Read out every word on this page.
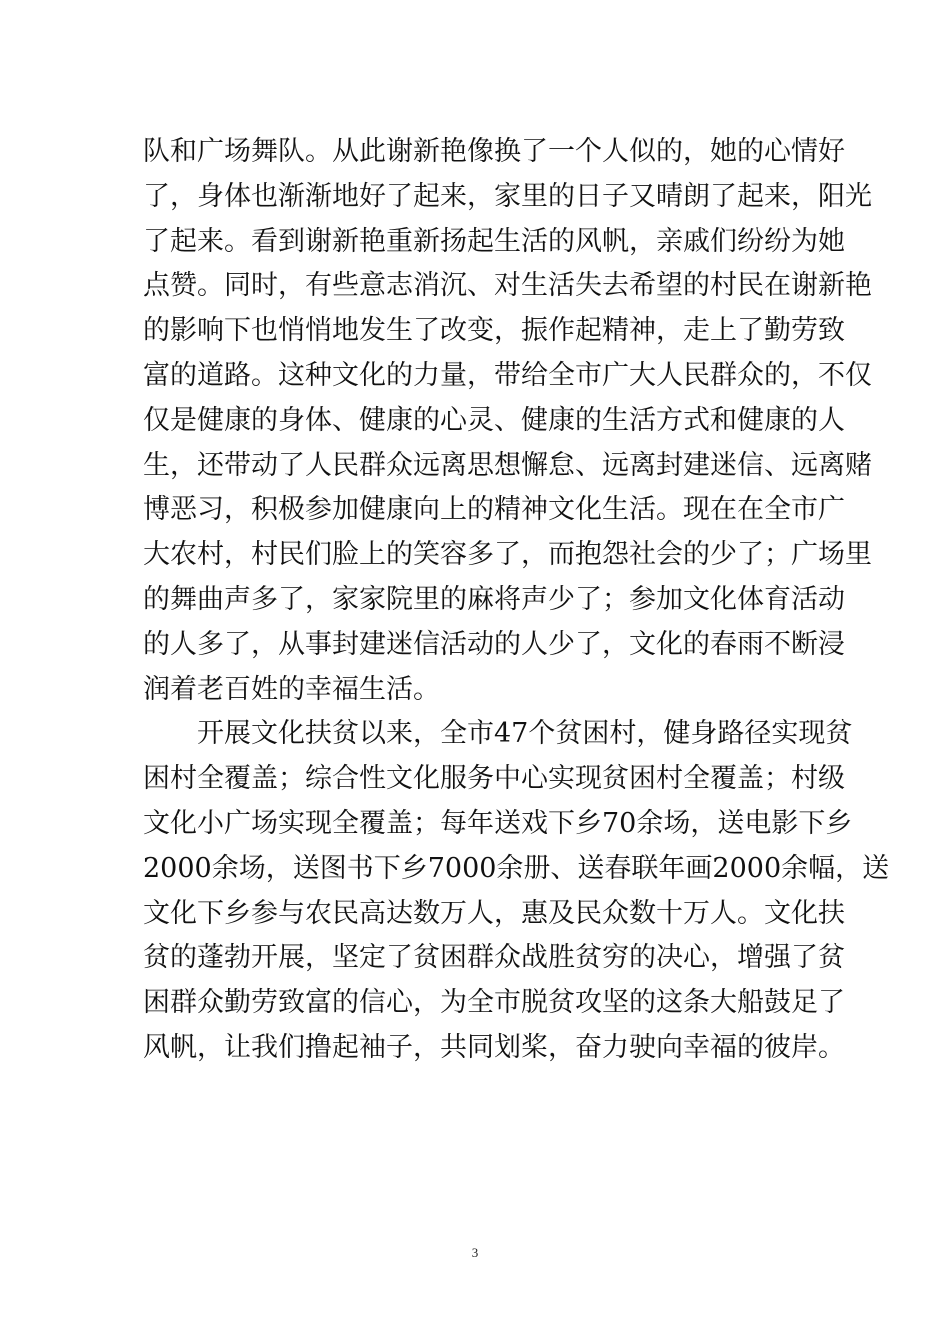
队和广场舞队。从此谢新艳像换了一个人似的，她的心情好
了，身体也渐渐地好了起来，家里的日子又晴朗了起来，阳光
了起来。看到谢新艳重新扬起生活的风帆，亲戚们纷纷为她
点赞。同时，有些意志消沉、对生活失去希望的村民在谢新艳
的影响下也悄悄地发生了改变，振作起精神，走上了勤劳致
富的道路。这种文化的力量，带给全市广大人民群众的，不仅
仅是健康的身体、健康的心灵、健康的生活方式和健康的人
生，还带动了人民群众远离思想懈怠、远离封建迷信、远离赌
博恶习，积极参加健康向上的精神文化生活。现在在全市广
大农村，村民们脸上的笑容多了，而抱怨社会的少了；广场里
的舞曲声多了，家家院里的麻将声少了；参加文化体育活动
的人多了，从事封建迷信活动的人少了，文化的春雨不断浸
润着老百姓的幸福生活。
开展文化扶贫以来，全市47个贫困村，健身路径实现贫
困村全覆盖；综合性文化服务中心实现贫困村全覆盖；村级
文化小广场实现全覆盖；每年送戏下乡70余场，送电影下乡
2000余场，送图书下乡7000余册、送春联年画2000余幅，送
文化下乡参与农民高达数万人，惠及民众数十万人。文化扶
贫的蓬勃开展，坚定了贫困群众战胜贫穷的决心，增强了贫
困群众勤劳致富的信心，为全市脱贫攻坚的这条大船鼓足了
风帆，让我们撸起袖子，共同划桨，奋力驶向幸福的彼岸。
3
